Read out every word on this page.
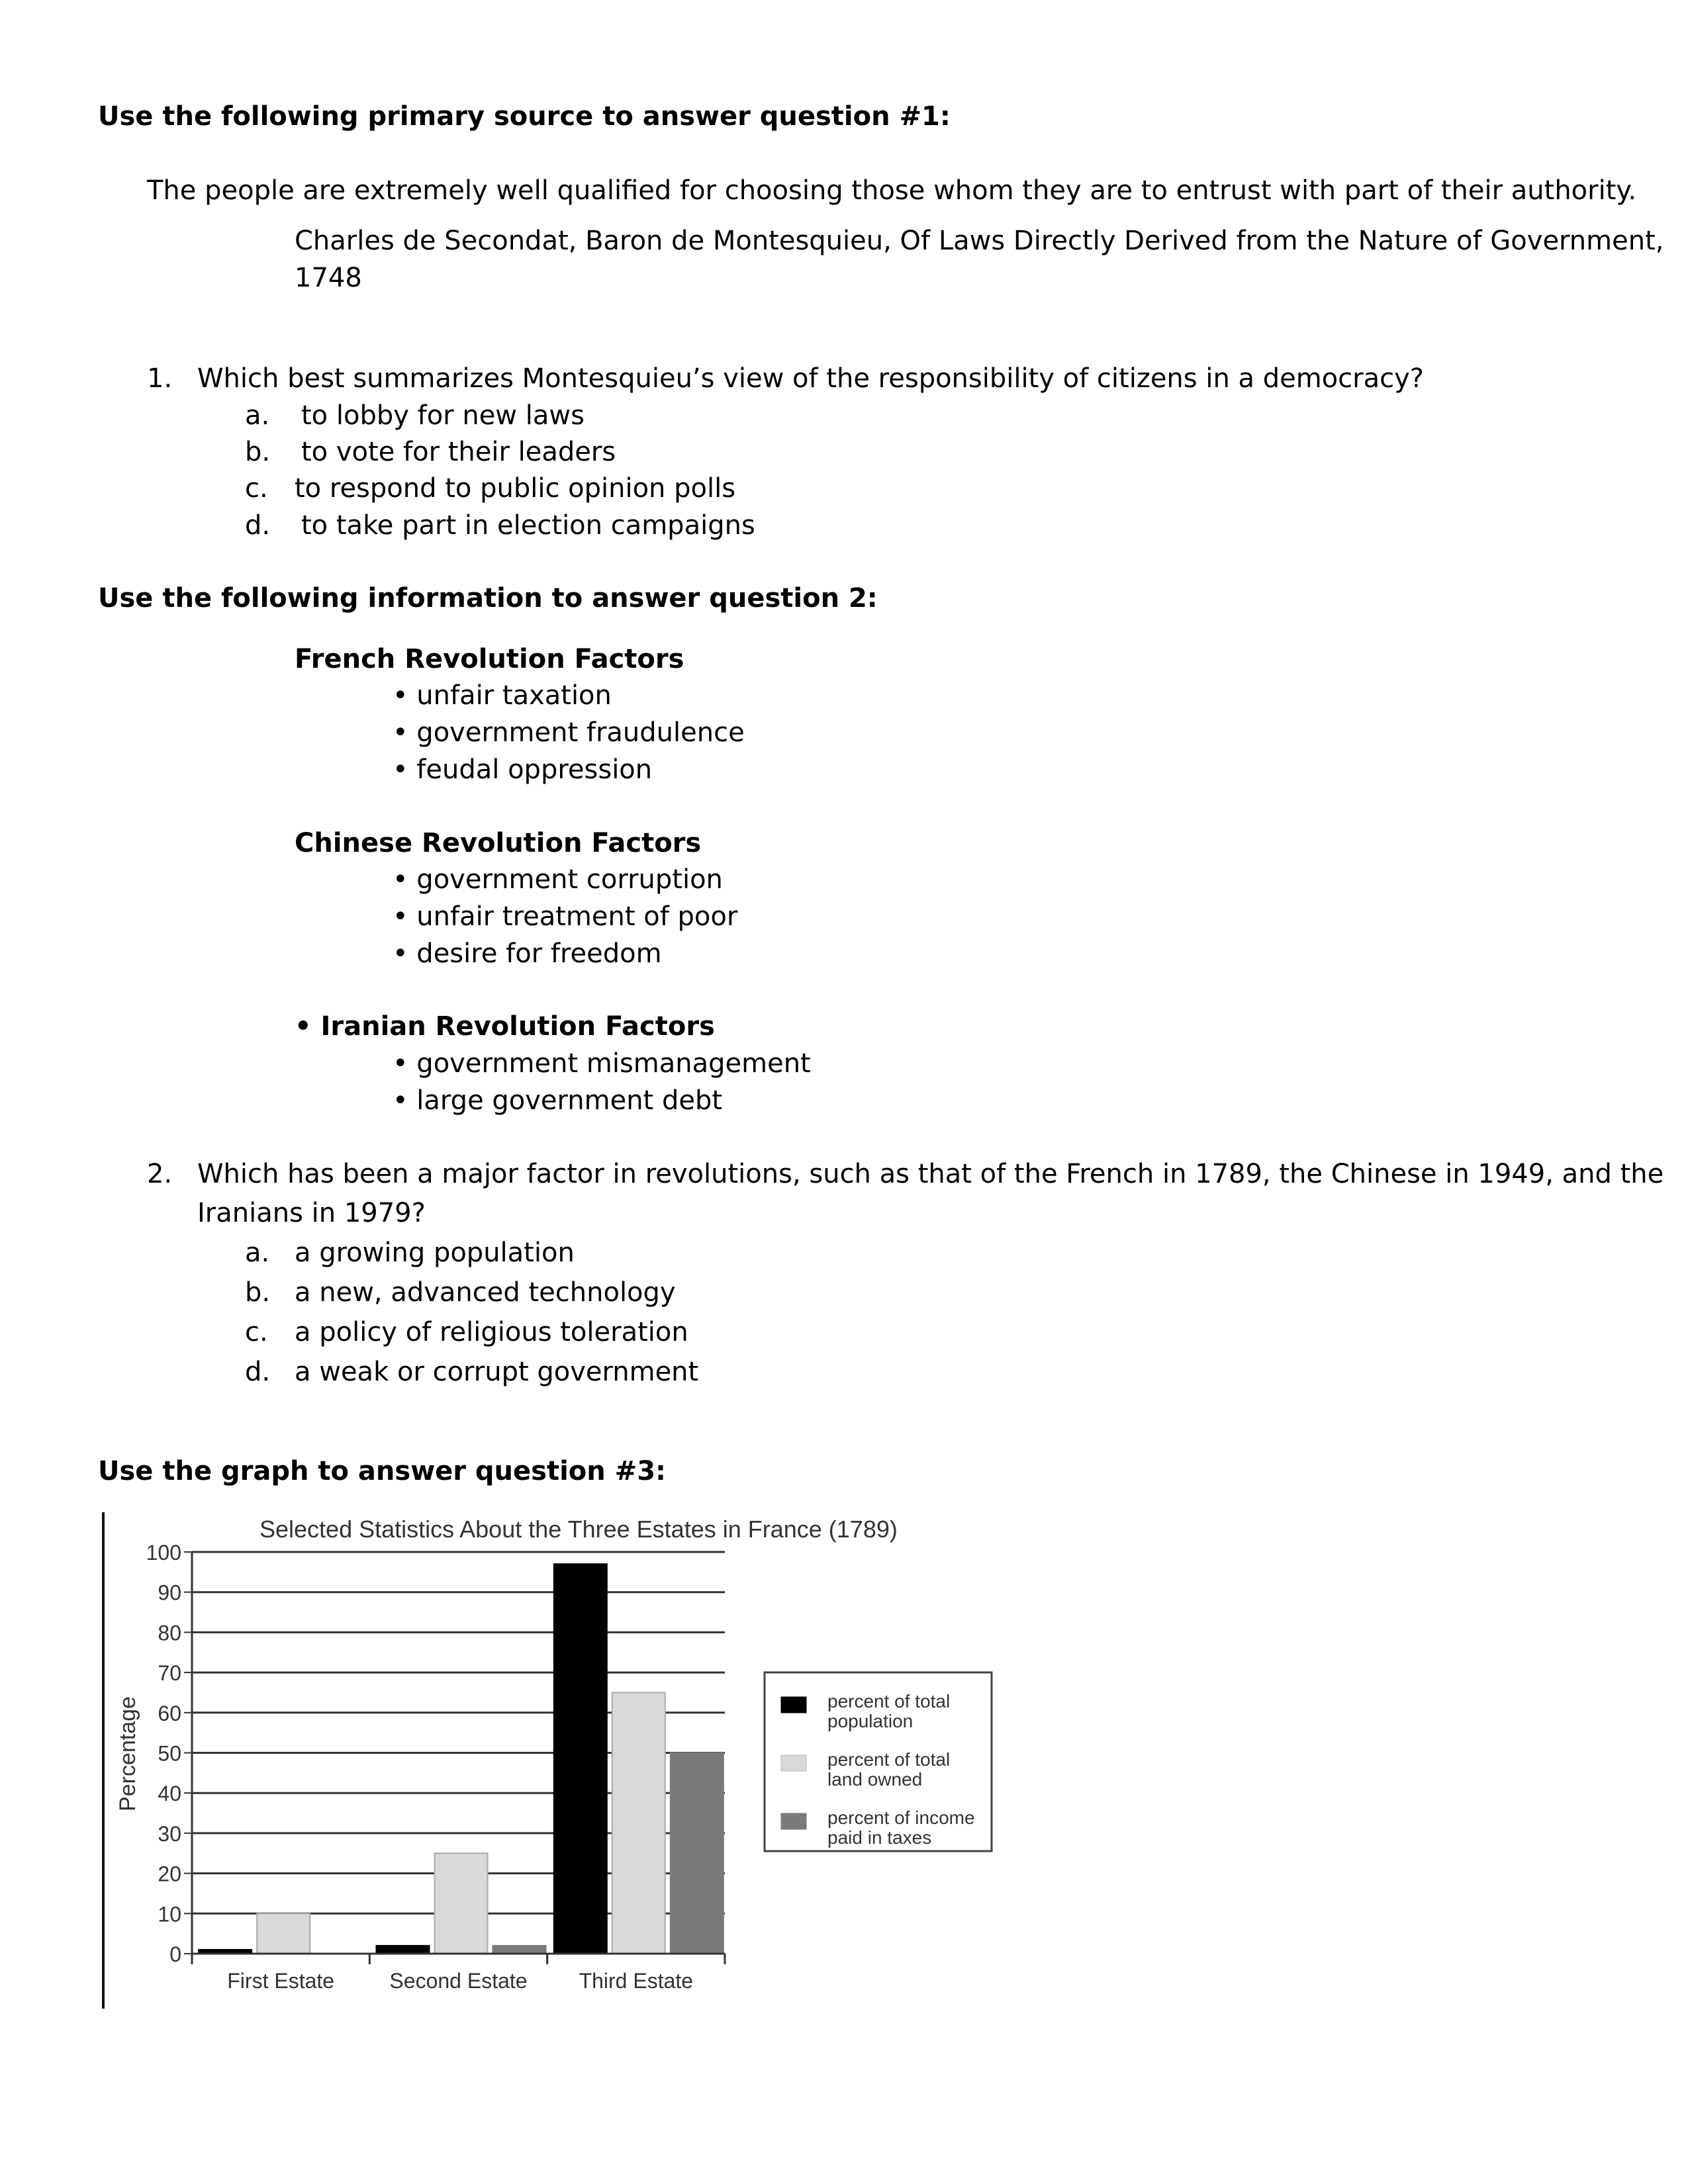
Use the following primary source to answer question #1:
The people are extremely well qualified for choosing those whom they are to entrust with part of their authority.
Charles de Secondat, Baron de Montesquieu, Of Laws Directly Derived from the Nature of Government,
1748
1. Which best summarizes Montesquieu’s view of the responsibility of citizens in a democracy?
a. to lobby for new laws
b. to vote for their leaders
c. to respond to public opinion polls
d. to take part in election campaigns
Use the following information to answer question 2:
French Revolution Factors
• unfair taxation
• government fraudulence
• feudal oppression
Chinese Revolution Factors
• government corruption
• unfair treatment of poor
• desire for freedom
• Iranian Revolution Factors
• government mismanagement
• large government debt
2. Which has been a major factor in revolutions, such as that of the French in 1789, the Chinese in 1949, and the
Iranians in 1979?
a. a growing population
b. a new, advanced technology
c. a policy of religious toleration
d. a weak or corrupt government
Use the graph to answer question #3:
Selected Statistics About the Three Estates in France (1789)
Percentage
0
10
20
30
40
50
60
70
80
90
100
First Estate	Second Estate Third Estate
percent of total
population
percent of total
land owned
percent of income
paid in taxes
